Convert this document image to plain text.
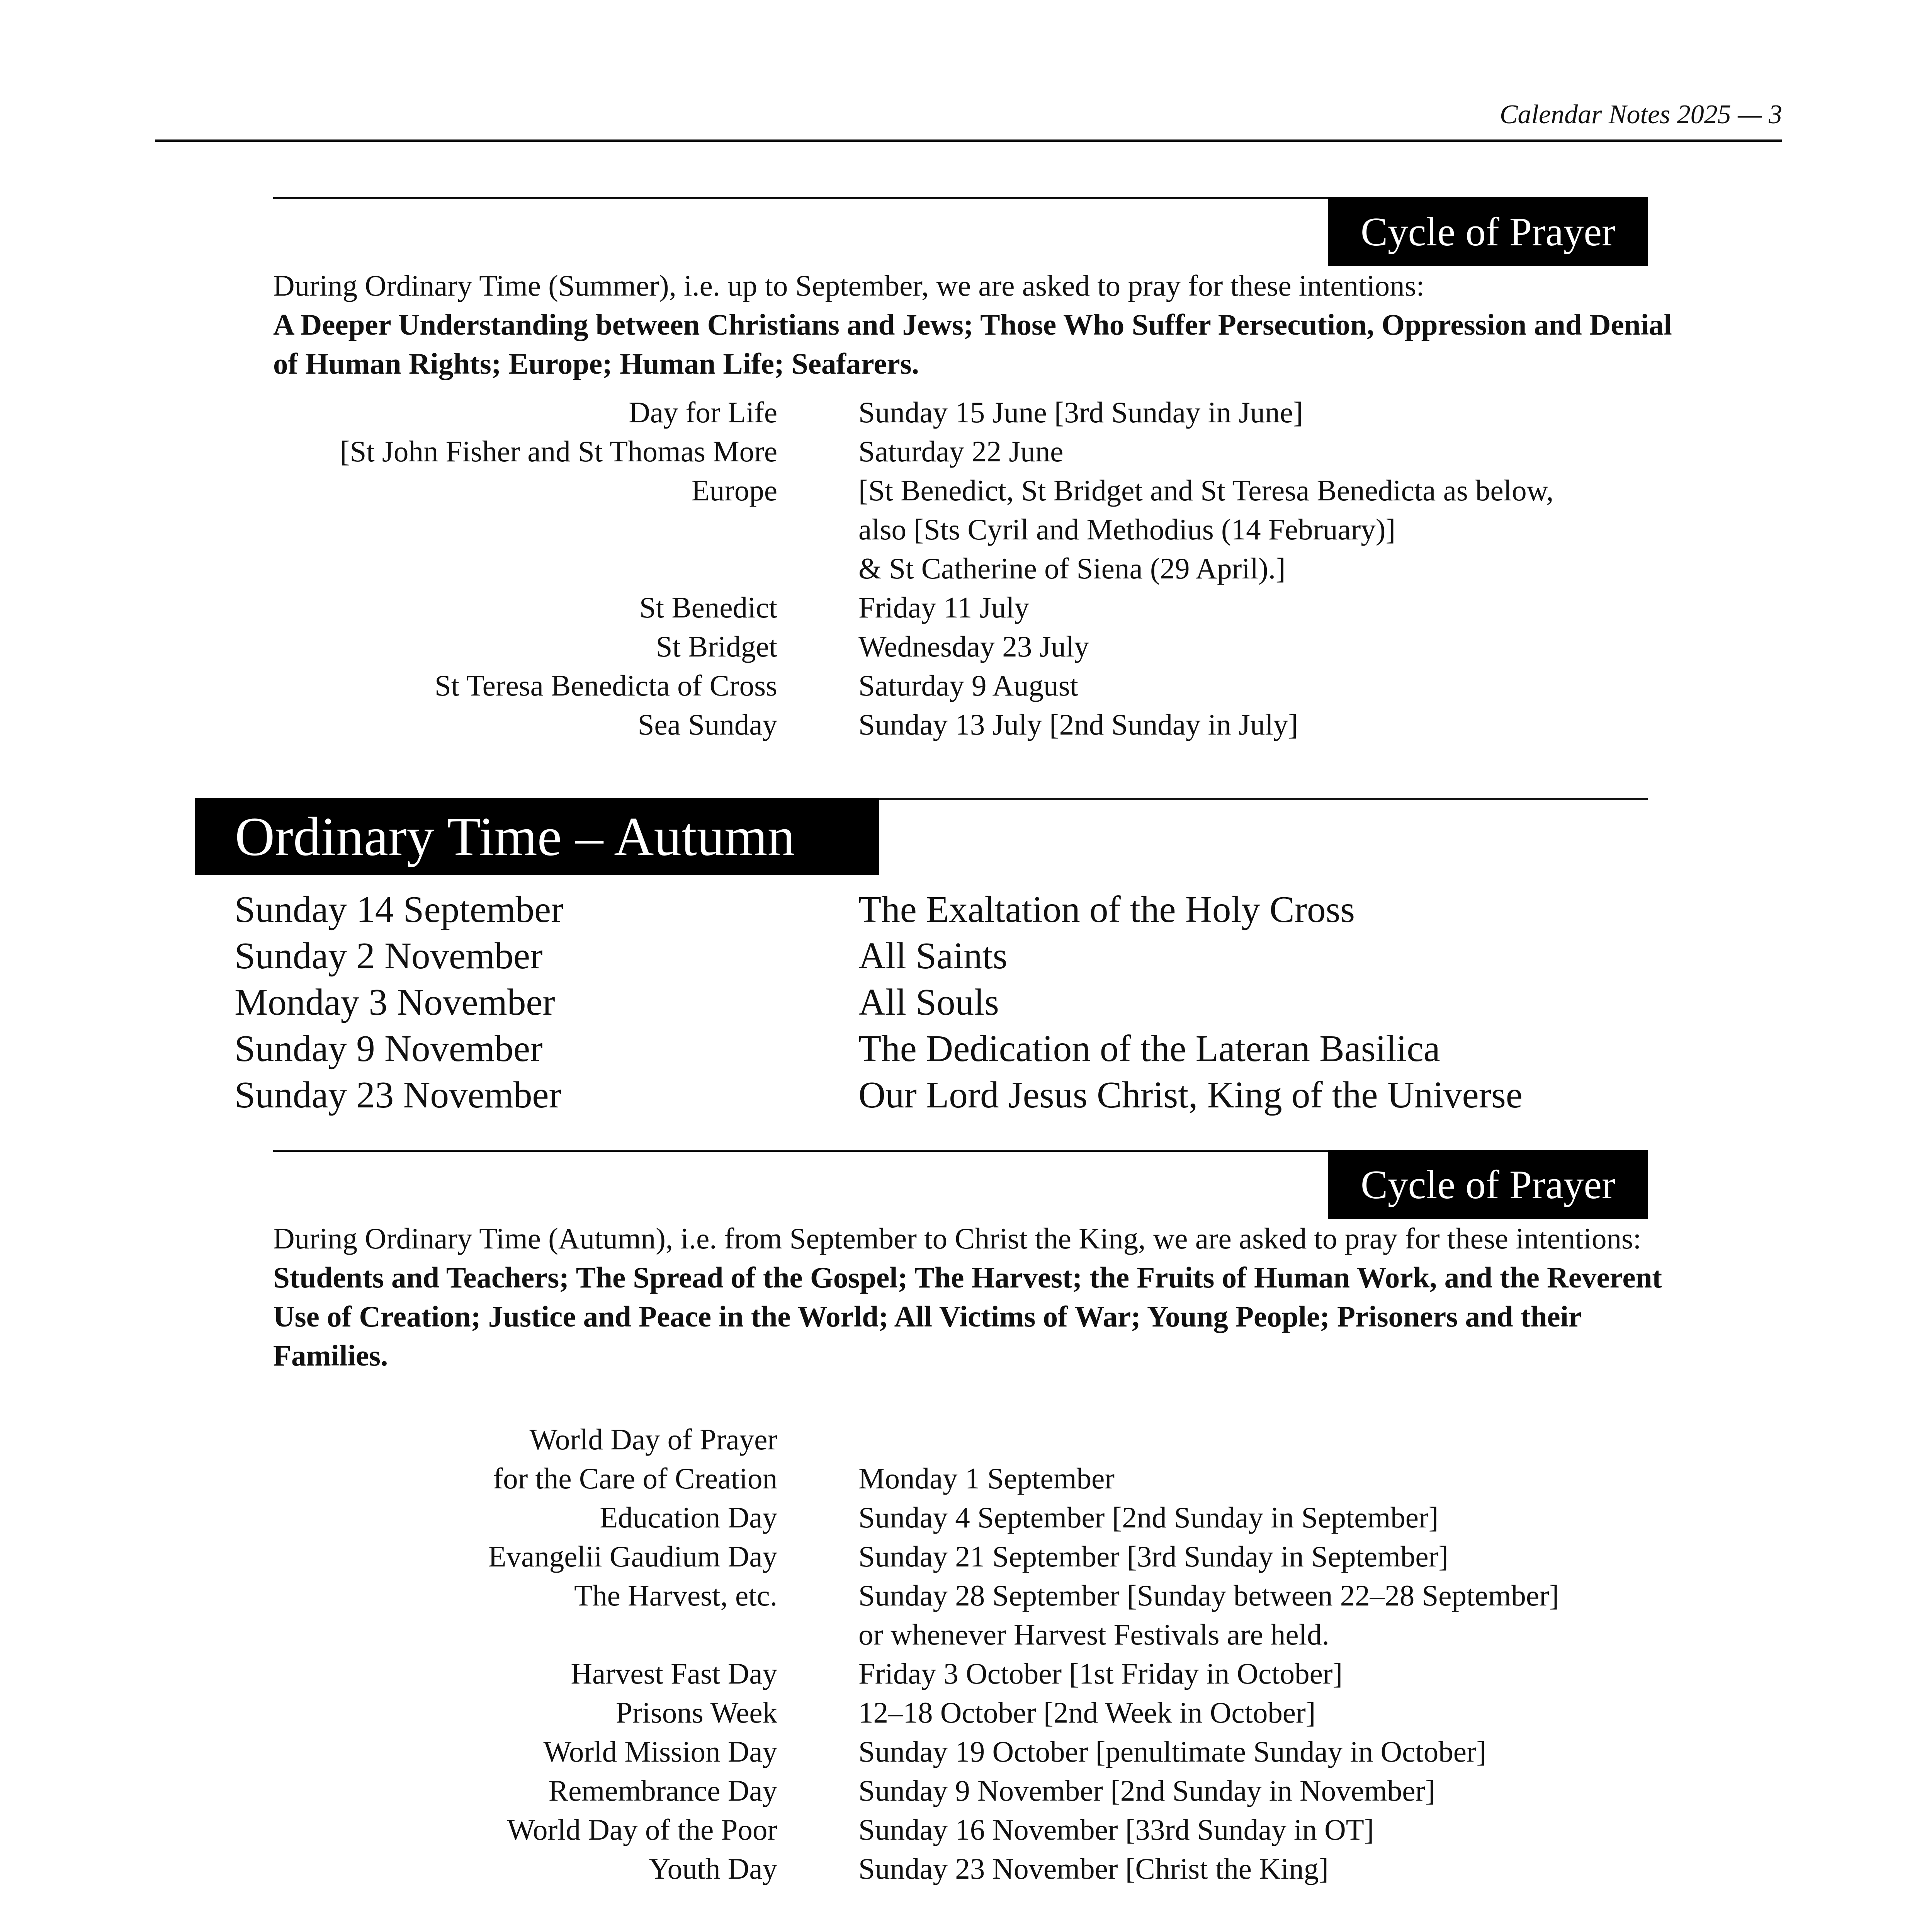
Calendar Notes 2025 — 3
Cycle of Prayer
During Ordinary Time (Summer), i.e. up to September, we are asked to pray for these intentions:
A Deeper Understanding between Christians and Jews; Those Who Suffer Persecution, Oppression and Denial of Human Rights; Europe; Human Life; Seafarers.
Day for Life	Sunday 15 June [3rd Sunday in June]
[St John Fisher and St Thomas More	Saturday 22 June
Europe	[St Benedict, St Bridget and St Teresa Benedicta as below,
also [Sts Cyril and Methodius (14 February)]
& St Catherine of Siena (29 April).]
St Benedict	Friday 11 July
St Bridget	Wednesday 23 July
St Teresa Benedicta of Cross	Saturday 9 August
Sea Sunday	Sunday 13 July [2nd Sunday in July]
Ordinary Time – Autumn
Sunday 14 September	The Exaltation of the Holy Cross
Sunday 2 November	All Saints
Monday 3 November	All Souls
Sunday 9 November	The Dedication of the Lateran Basilica
Sunday 23 November	Our Lord Jesus Christ, King of the Universe
Cycle of Prayer
During Ordinary Time (Autumn), i.e. from September to Christ the King, we are asked to pray for these intentions:
Students and Teachers; The Spread of the Gospel; The Harvest; the Fruits of Human Work, and the Reverent Use of Creation; Justice and Peace in the World; All Victims of War; Young People; Prisoners and their Families.
World Day of Prayer
for the Care of Creation	Monday 1 September
Education Day	Sunday 4 September [2nd Sunday in September]
Evangelii Gaudium Day	Sunday 21 September [3rd Sunday in September]
The Harvest, etc.	Sunday 28 September [Sunday between 22–28 September]
or whenever Harvest Festivals are held.
Harvest Fast Day	Friday 3 October [1st Friday in October]
Prisons Week	12–18 October [2nd Week in October]
World Mission Day	Sunday 19 October [penultimate Sunday in October]
Remembrance Day	Sunday 9 November [2nd Sunday in November]
World Day of the Poor	Sunday 16 November [33rd Sunday in OT]
Youth Day	Sunday 23 November [Christ the King]
